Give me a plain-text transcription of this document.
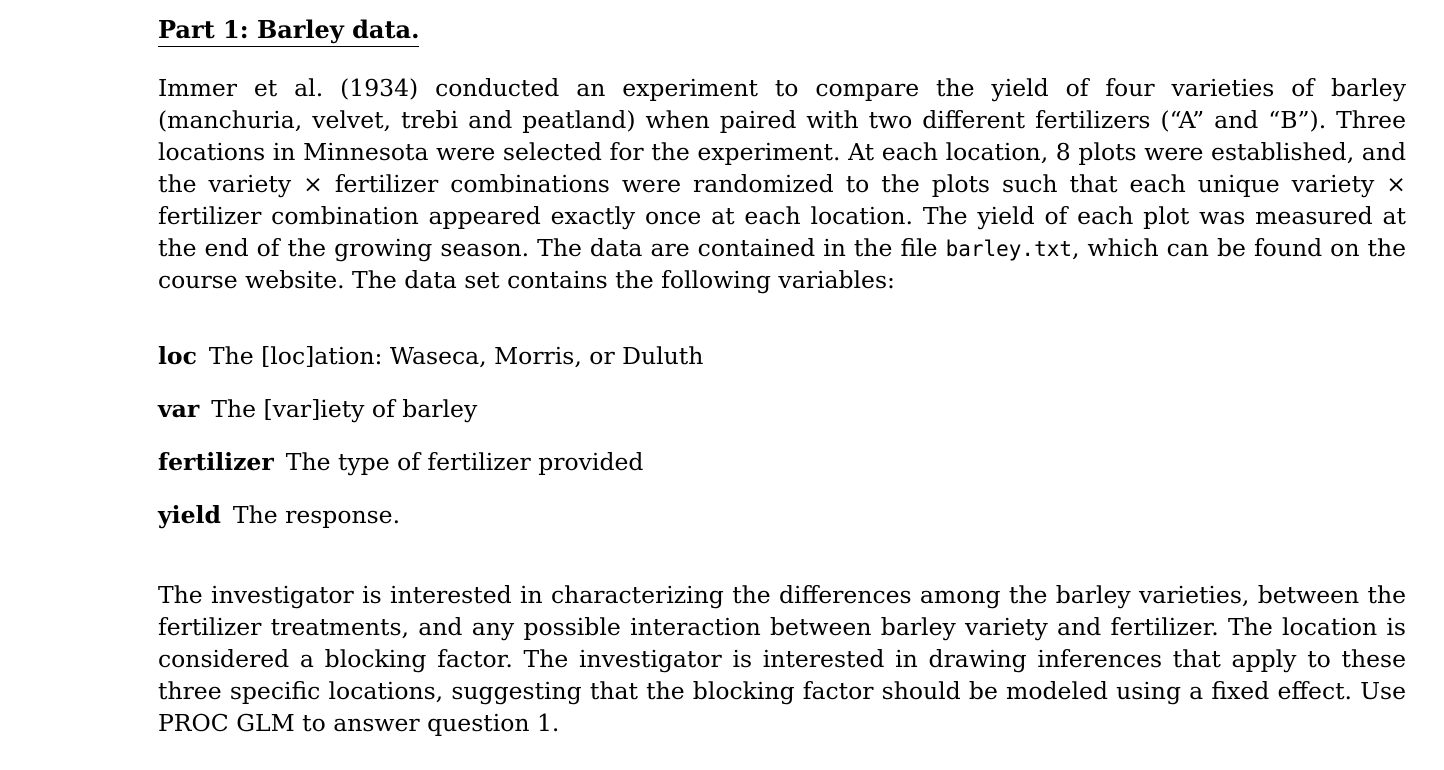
Part 1: Barley data.

Immer et al. (1934) conducted an experiment to compare the yield of four varieties of barley (manchuria, velvet, trebi and peatland) when paired with two different fertilizers (“A” and “B”). Three locations in Minnesota were selected for the experiment. At each location, 8 plots were established, and the variety × fertilizer combinations were randomized to the plots such that each unique variety × fertilizer combination appeared exactly once at each location. The yield of each plot was measured at the end of the growing season. The data are contained in the file barley.txt, which can be found on the course website. The data set contains the following variables:

loc The [loc]ation: Waseca, Morris, or Duluth
var The [var]iety of barley
fertilizer The type of fertilizer provided
yield The response.

The investigator is interested in characterizing the differences among the barley varieties, between the fertilizer treatments, and any possible interaction between barley variety and fertilizer. The location is considered a blocking factor. The investigator is interested in drawing inferences that apply to these three specific locations, suggesting that the blocking factor should be modeled using a fixed effect. Use PROC GLM to answer question 1.
